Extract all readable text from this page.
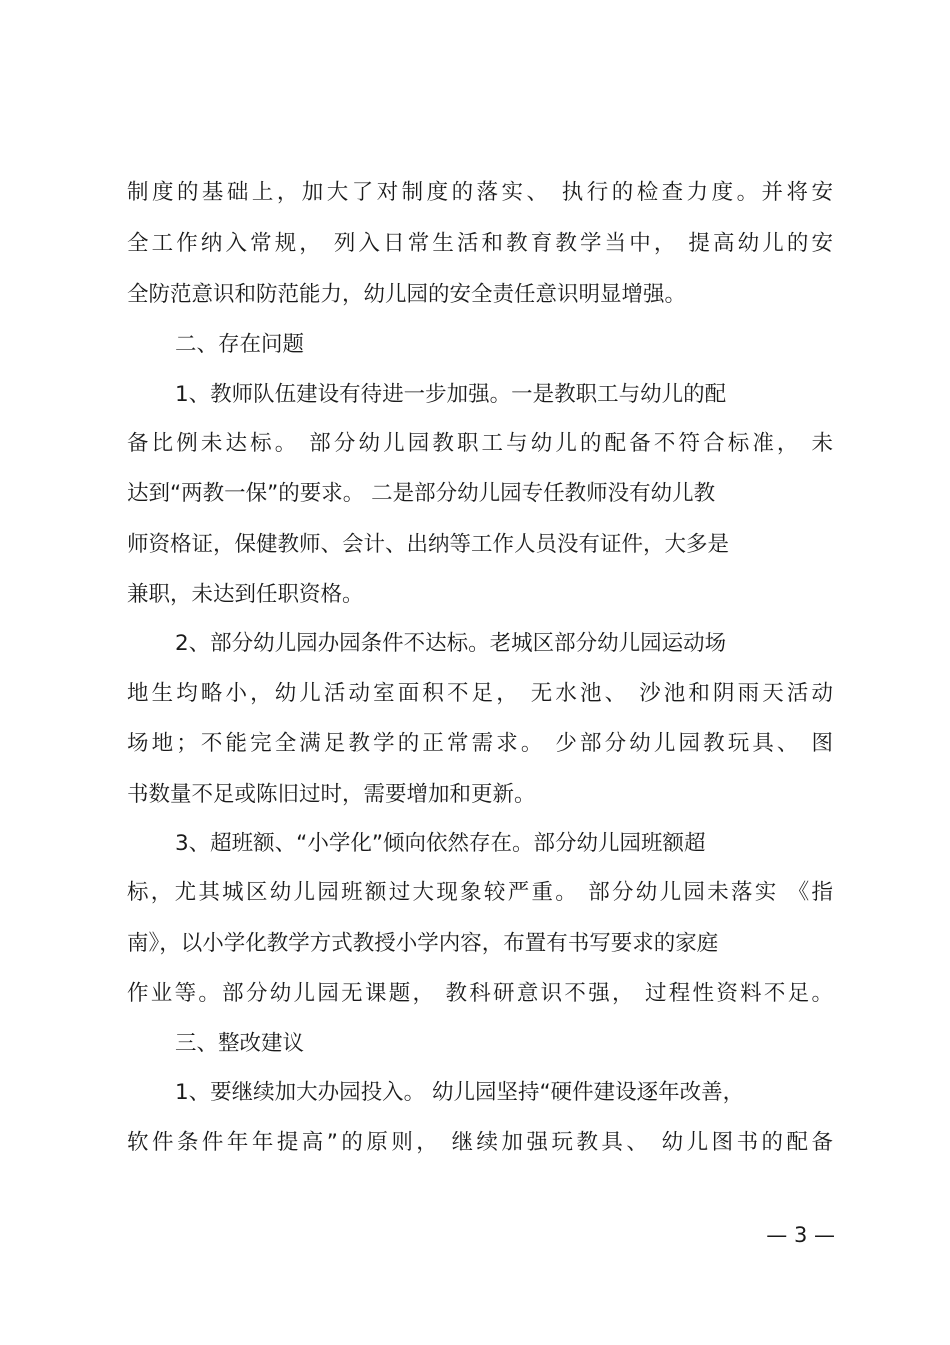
制度的基础上，加大了对制度的落实、 执行的检查力度。并将安
全工作纳入常规， 列入日常生活和教育教学当中， 提高幼儿的安
全防范意识和防范能力，幼儿园的安全责任意识明显增强。
二、存在问题
1、教师队伍建设有待进一步加强。一是教职工与幼儿的配
备比例未达标。 部分幼儿园教职工与幼儿的配备不符合标准， 未
达到“两教一保”的要求。 二是部分幼儿园专任教师没有幼儿教
师资格证，保健教师、会计、出纳等工作人员没有证件，大多是
兼职，未达到任职资格。
2、部分幼儿园办园条件不达标。老城区部分幼儿园运动场
地生均略小，幼儿活动室面积不足， 无水池、 沙池和阴雨天活动
场地；不能完全满足教学的正常需求。 少部分幼儿园教玩具、 图
书数量不足或陈旧过时，需要增加和更新。
3、超班额、“小学化”倾向依然存在。部分幼儿园班额超
标，尤其城区幼儿园班额过大现象较严重。 部分幼儿园未落实 《指
南》，以小学化教学方式教授小学内容，布置有书写要求的家庭
作业等。部分幼儿园无课题， 教科研意识不强， 过程性资料不足。
三、整改建议
1、要继续加大办园投入。 幼儿园坚持“硬件建设逐年改善，
软件条件年年提高”的原则， 继续加强玩教具、 幼儿图书的配备
— 3 —
